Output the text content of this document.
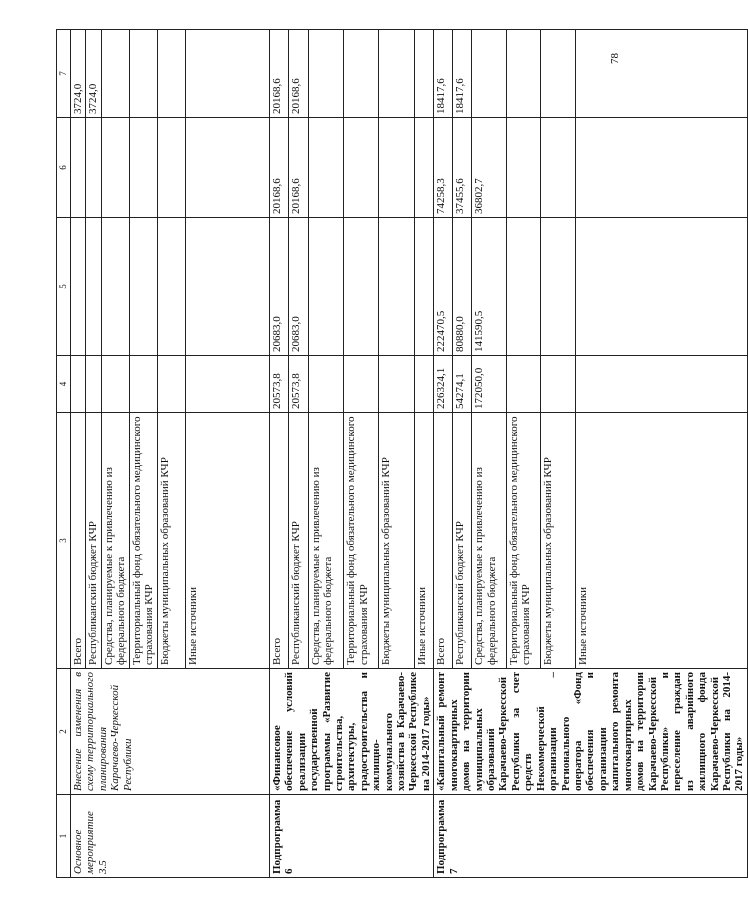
78
1	2	3	4	5	6	7
Основное мероприятие 3.5	Внесение изменения в схему территориального планирования Карачаево-Черкесской Республики	Всего				3724,0
		Республиканский бюджет КЧР				3724,0
		Средства, планируемые к привлечению из федерального бюджета				
		Территориальный фонд обязательного медицинского страхования КЧР				
		Бюджеты муниципальных образований КЧР				
		Иные источники				
Подпрограмма 6	«Финансовое обеспечение условий реализации государственной программы «Развитие строительства, архитектуры, градостроительства и жилищно-коммунального хозяйства в Карачаево-Черкесской Республике на 2014-2017 годы»	Всего	20573,8	20683,0	20168,6	20168,6
		Республиканский бюджет КЧР	20573,8	20683,0	20168,6	20168,6
		Средства, планируемые к привлечению из федерального бюджета				
		Территориальный фонд обязательного медицинского страхования КЧР				
		Бюджеты муниципальных образований КЧР				
		Иные источники				
Подпрограмма 7	«Капитальный ремонт многоквартирных домов на территории муниципальных образований Карачаево-Черкесской Республики за счет средств Некоммерческой организации – Регионального оператора «Фонд обеспечения и организации капитального ремонта многоквартирных домов на территории Карачаево-Черкесской Республики» и переселение граждан из аварийного жилищного фонда Карачаево-Черкесской Республики на 2014-2017 годы»	Всего	226324,1	222470,5	74258,3	18417,6
		Республиканский бюджет КЧР	54274,1	80880,0	37455,6	18417,6
		Средства, планируемые к привлечению из федерального бюджета	172050,0	141590,5	36802,7	
		Территориальный фонд обязательного медицинского страхования КЧР				
		Бюджеты муниципальных образований КЧР				
		Иные источники				
